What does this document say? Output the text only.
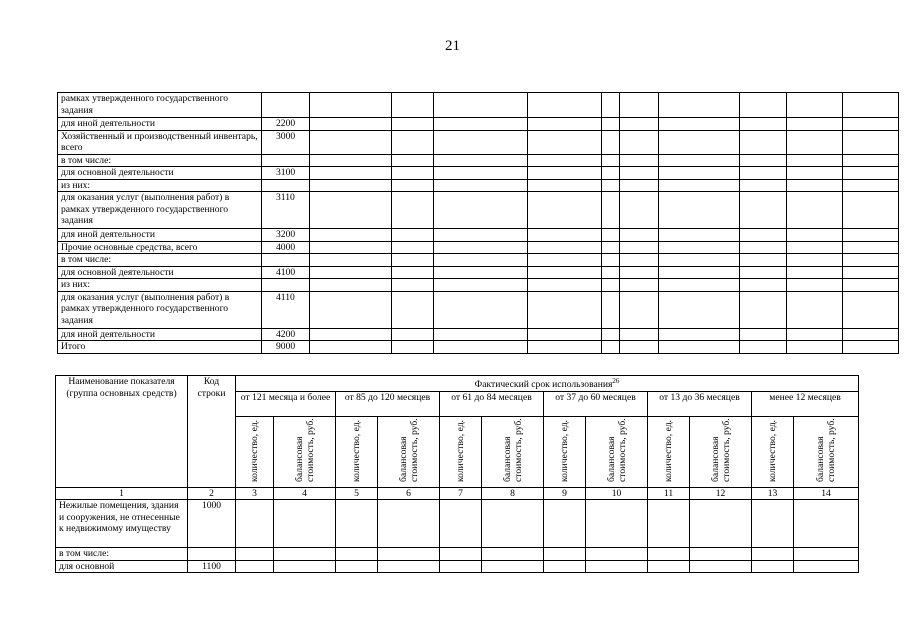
21
рамках утвержденного государственного задания											
для иной деятельности	2200										
Хозяйственный и производственный инвентарь, всего	3000										
в том числе:											
для основной деятельности	3100										
из них:											
для оказания услуг (выполнения работ) в рамках утвержденного государственного задания	3110										
для иной деятельности	3200										
Прочие основные средства, всего	4000										
в том числе:											
для основной деятельности	4100										
из них:											
для оказания услуг (выполнения работ) в рамках утвержденного государственного задания	4110										
для иной деятельности	4200										
Итого	9000										
Наименование показателя (группа основных средств)	Код строки	Фактический срок использования$^{26}$
		от 121 месяца и более		от 85 до 120 месяцев		от 61 до 84 месяцев		от 37 до 60 месяцев		от 13 до 36 месяцев		менее 12 месяцев	
		количество, ед.	балансовая стоимость, руб.	количество, ед.	балансовая стоимость, руб.	количество, ед.	балансовая стоимость, руб.	количество, ед.	балансовая стоимость, руб.	количество, ед.	балансовая стоимость, руб.	количество, ед.	балансовая стоимость, руб.
1	2	3	4	5	6	7	8	9	10	11	12	13	14
Нежилые помещения, здания и сооружения, не отнесенные к недвижимому имуществу	1000												
в том числе:													
для основной	1100												
